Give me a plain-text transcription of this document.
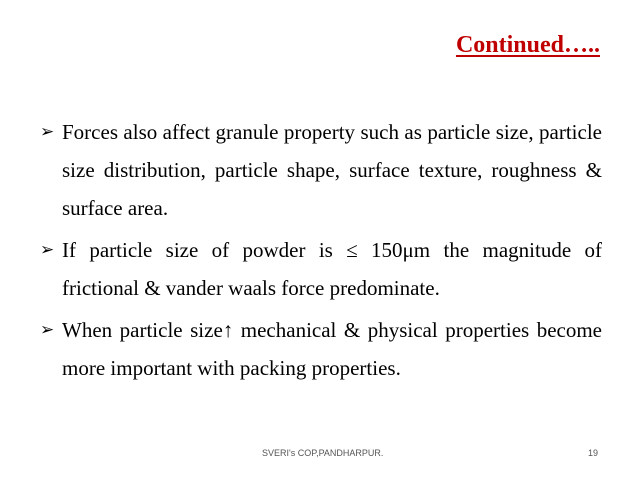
Continued…..
➢ Forces also affect granule property such as particle size, particle size distribution, particle shape, surface texture, roughness & surface area.
➢ If particle size of powder is ≤ 150μm the magnitude of frictional & vander waals force predominate.
➢ When particle size↑ mechanical & physical properties become more important with packing properties.
SVERI's COP,PANDHARPUR.	19
